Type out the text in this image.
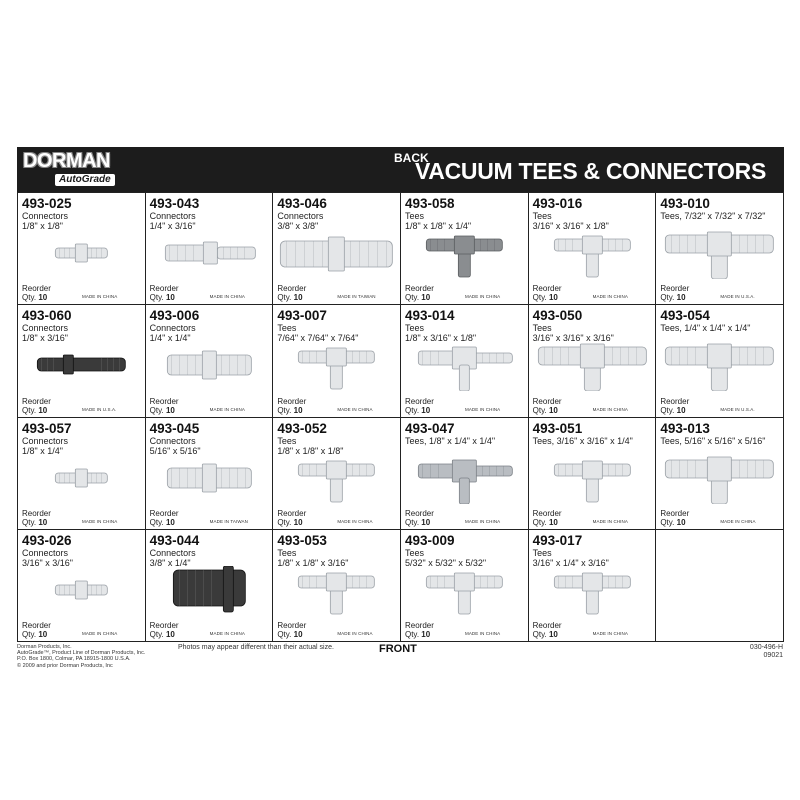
DORMAN
AutoGrade
BACK
VACUUM TEES & CONNECTORS
493-025
Connectors
1/8" x 1/8"
Reorder
Qty. 10	MADE IN CHINA
493-043
Connectors
1/4" x 3/16"
Reorder
Qty. 10	MADE IN CHINA
493-046
Connectors
3/8" x 3/8"
Reorder
Qty. 10	MADE IN TAIWAN
493-058
Tees
1/8" x 1/8" x 1/4"
Reorder
Qty. 10	MADE IN CHINA
493-016
Tees
3/16" x 3/16" x 1/8"
Reorder
Qty. 10	MADE IN CHINA
493-010
Tees, 7/32" x 7/32" x 7/32"
Reorder
Qty. 10	MADE IN U.S.A.
493-060
Connectors
1/8" x 3/16"
Reorder
Qty. 10	MADE IN U.S.A.
493-006
Connectors
1/4" x 1/4"
Reorder
Qty. 10	MADE IN CHINA
493-007
Tees
7/64" x 7/64" x 7/64"
Reorder
Qty. 10	MADE IN CHINA
493-014
Tees
1/8" x 3/16" x 1/8"
Reorder
Qty. 10	MADE IN CHINA
493-050
Tees
3/16" x 3/16" x 3/16"
Reorder
Qty. 10	MADE IN CHINA
493-054
Tees, 1/4" x 1/4" x 1/4"
Reorder
Qty. 10	MADE IN U.S.A.
493-057
Connectors
1/8" x 1/4"
Reorder
Qty. 10	MADE IN CHINA
493-045
Connectors
5/16" x 5/16"
Reorder
Qty. 10	MADE IN TAIWAN
493-052
Tees
1/8" x 1/8" x 1/8"
Reorder
Qty. 10	MADE IN CHINA
493-047
Tees, 1/8" x 1/4" x 1/4"
Reorder
Qty. 10	MADE IN CHINA
493-051
Tees, 3/16" x 3/16" x 1/4"
Reorder
Qty. 10	MADE IN CHINA
493-013
Tees, 5/16" x 5/16" x 5/16"
Reorder
Qty. 10	MADE IN CHINA
493-026
Connectors
3/16" x 3/16"
Reorder
Qty. 10	MADE IN CHINA
493-044
Connectors
3/8" x 1/4"
Reorder
Qty. 10	MADE IN CHINA
493-053
Tees
1/8" x 1/8" x 3/16"
Reorder
Qty. 10	MADE IN CHINA
493-009
Tees
5/32" x 5/32" x 5/32"
Reorder
Qty. 10	MADE IN CHINA
493-017
Tees
3/16" x 1/4" x 3/16"
Reorder
Qty. 10	MADE IN CHINA
Dorman Products, Inc.
AutoGrade™, Product Line of Dorman Products, Inc.
P.O. Box 1800, Colmar, PA 18915-1800 U.S.A.
© 2009 and prior Dorman Products, Inc
Photos may appear different than their actual size.	FRONT	030-496-H
09021
